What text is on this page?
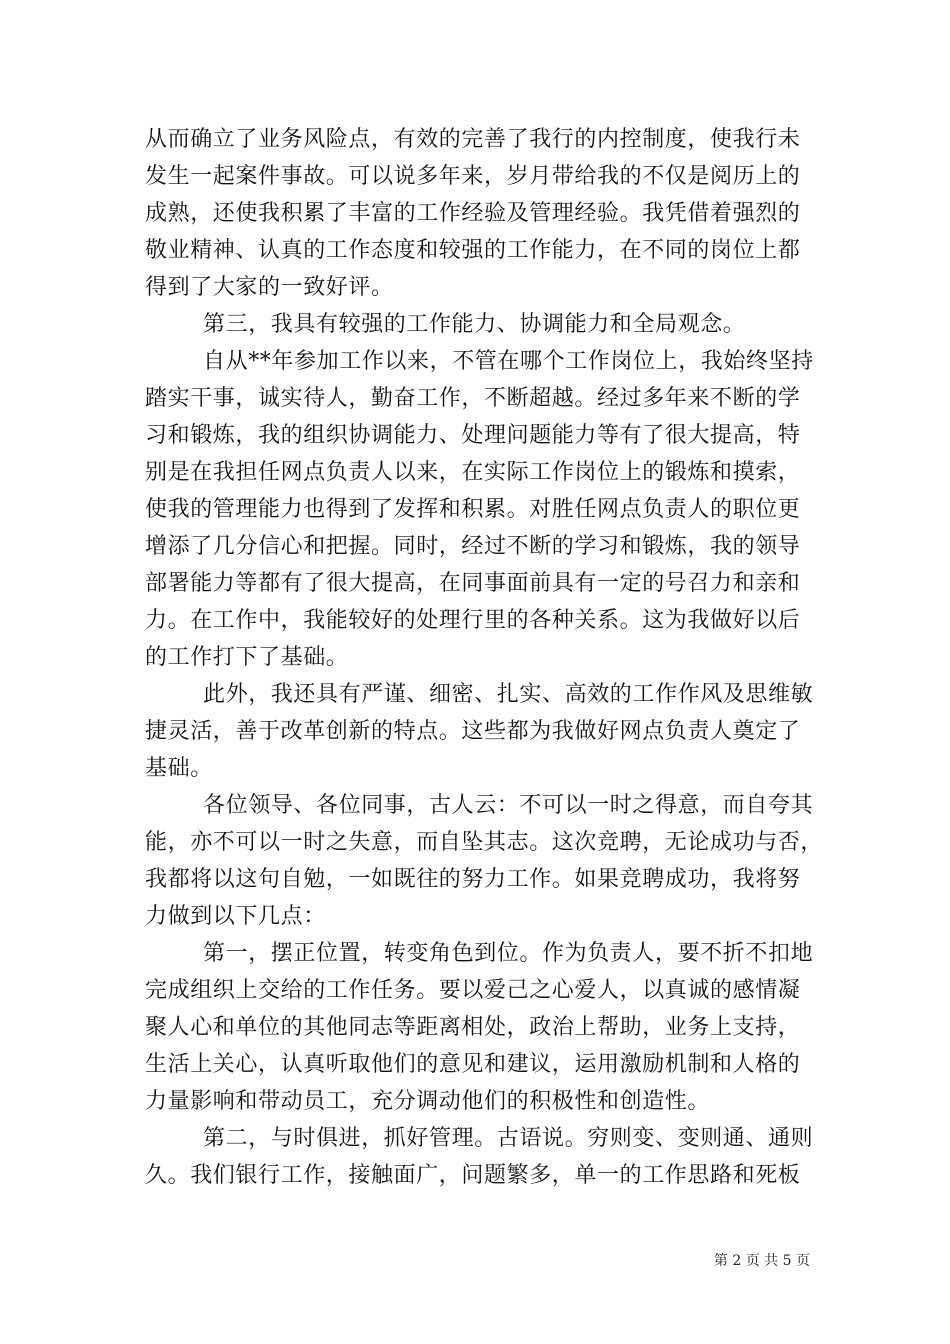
从而确立了业务风险点，有效的完善了我行的内控制度，使我行未
发生一起案件事故。可以说多年来，岁月带给我的不仅是阅历上的
成熟，还使我积累了丰富的工作经验及管理经验。我凭借着强烈的
敬业精神、认真的工作态度和较强的工作能力，在不同的岗位上都
得到了大家的一致好评。
第三，我具有较强的工作能力、协调能力和全局观念。
自从**年参加工作以来，不管在哪个工作岗位上，我始终坚持
踏实干事，诚实待人，勤奋工作，不断超越。经过多年来不断的学
习和锻炼，我的组织协调能力、处理问题能力等有了很大提高，特
别是在我担任网点负责人以来，在实际工作岗位上的锻炼和摸索，
使我的管理能力也得到了发挥和积累。对胜任网点负责人的职位更
增添了几分信心和把握。同时，经过不断的学习和锻炼，我的领导
部署能力等都有了很大提高，在同事面前具有一定的号召力和亲和
力。在工作中，我能较好的处理行里的各种关系。这为我做好以后
的工作打下了基础。
此外，我还具有严谨、细密、扎实、高效的工作作风及思维敏
捷灵活，善于改革创新的特点。这些都为我做好网点负责人奠定了
基础。
各位领导、各位同事，古人云：不可以一时之得意，而自夸其
能，亦不可以一时之失意，而自坠其志。这次竞聘，无论成功与否，
我都将以这句自勉，一如既往的努力工作。如果竞聘成功，我将努
力做到以下几点：
第一，摆正位置，转变角色到位。作为负责人，要不折不扣地
完成组织上交给的工作任务。要以爱己之心爱人，以真诚的感情凝
聚人心和单位的其他同志等距离相处，政治上帮助，业务上支持，
生活上关心，认真听取他们的意见和建议，运用激励机制和人格的
力量影响和带动员工，充分调动他们的积极性和创造性。
第二，与时俱进，抓好管理。古语说。穷则变、变则通、通则
久。我们银行工作，接触面广，问题繁多，单一的工作思路和死板
第 2 页 共 5 页
